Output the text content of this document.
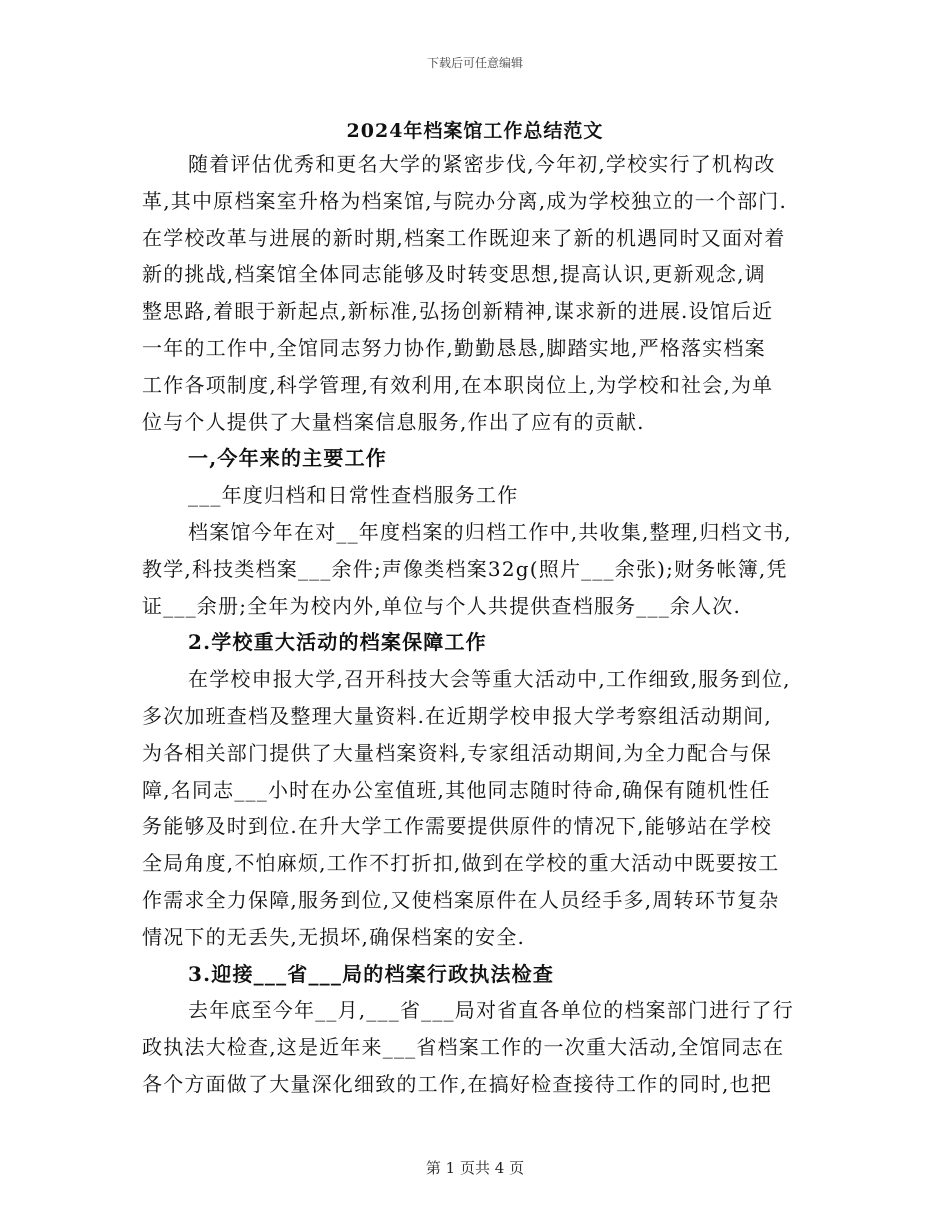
下载后可任意编辑
2024年档案馆工作总结范文
随着评估优秀和更名大学的紧密步伐,今年初,学校实行了机构改
革,其中原档案室升格为档案馆,与院办分离,成为学校独立的一个部门.
在学校改革与进展的新时期,档案工作既迎来了新的机遇同时又面对着
新的挑战,档案馆全体同志能够及时转变思想,提高认识,更新观念,调
整思路,着眼于新起点,新标准,弘扬创新精神,谋求新的进展.设馆后近
一年的工作中,全馆同志努力协作,勤勤恳恳,脚踏实地,严格落实档案
工作各项制度,科学管理,有效利用,在本职岗位上,为学校和社会,为单
位与个人提供了大量档案信息服务,作出了应有的贡献.
一,今年来的主要工作
___年度归档和日常性查档服务工作
档案馆今年在对__年度档案的归档工作中,共收集,整理,归档文书,
教学,科技类档案___余件;声像类档案32g(照片___余张);财务帐簿,凭
证___余册;全年为校内外,单位与个人共提供查档服务___余人次.
2.学校重大活动的档案保障工作
在学校申报大学,召开科技大会等重大活动中,工作细致,服务到位,
多次加班查档及整理大量资料.在近期学校申报大学考察组活动期间,
为各相关部门提供了大量档案资料,专家组活动期间,为全力配合与保
障,名同志___小时在办公室值班,其他同志随时待命,确保有随机性任
务能够及时到位.在升大学工作需要提供原件的情况下,能够站在学校
全局角度,不怕麻烦,工作不打折扣,做到在学校的重大活动中既要按工
作需求全力保障,服务到位,又使档案原件在人员经手多,周转环节复杂
情况下的无丢失,无损坏,确保档案的安全.
3.迎接___省___局的档案行政执法检查
去年底至今年__月,___省___局对省直各单位的档案部门进行了行
政执法大检查,这是近年来___省档案工作的一次重大活动,全馆同志在
各个方面做了大量深化细致的工作,在搞好检查接待工作的同时,也把
第 1 页共 4 页
